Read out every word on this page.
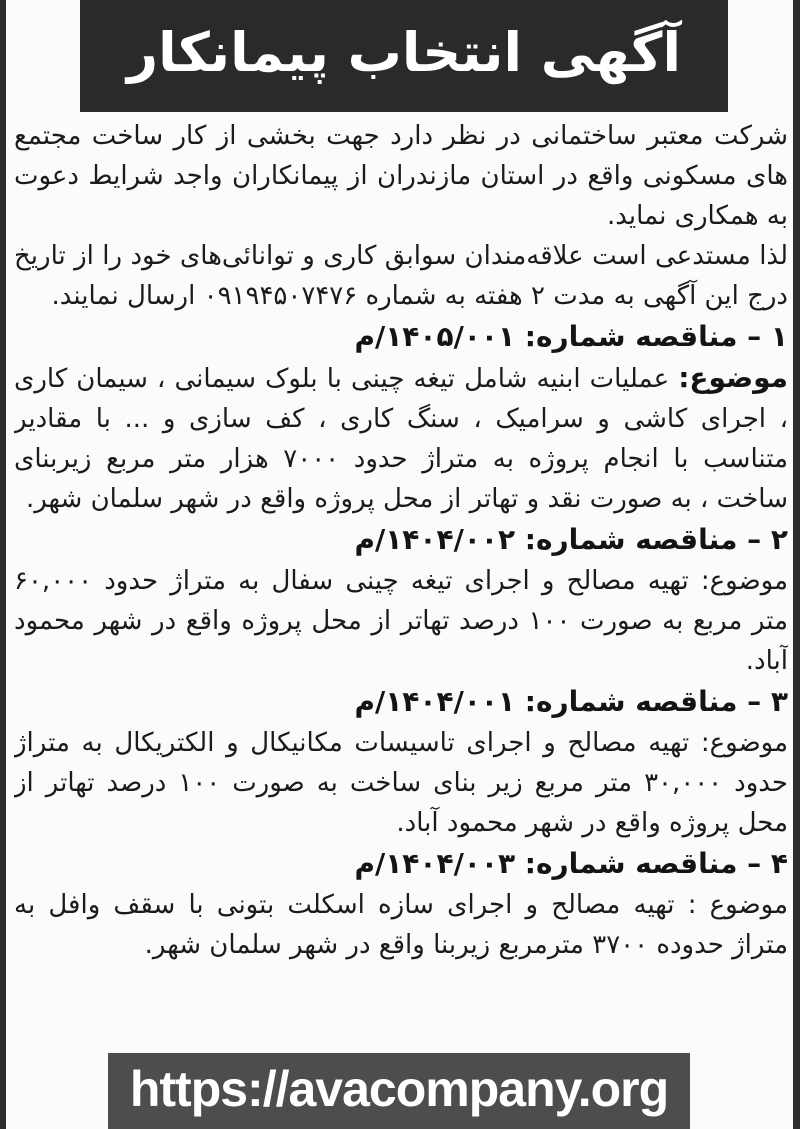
آگهی انتخاب پیمانکار

شرکت معتبر ساختمانی در نظر دارد جهت بخشی از کار ساخت مجتمع های مسکونی واقع در استان مازندران از پیمانکاران واجد شرایط دعوت به همکاری نماید.

لذا مستدعی است علاقه‌مندان سوابق کاری و توانائی‌های خود را از تاریخ درج این آگهی به مدت ۲ هفته به شماره ۰۹۱۹۴۵۰۷۴۷۶ ارسال نمایند.

۱ – مناقصه شماره: ۱۴۰۵/۰۰۱/م

موضوع: عملیات ابنیه شامل تیغه چینی با بلوک سیمانی ، سیمان کاری ، اجرای کاشی و سرامیک ، سنگ کاری ، کف سازی و ... با مقادیر متناسب با انجام پروژه به متراژ حدود ۷۰۰۰ هزار متر مربع زیربنای ساخت ، به صورت نقد و تهاتر از محل پروژه واقع در شهر سلمان شهر.

۲ – مناقصه شماره: ۱۴۰۴/۰۰۲/م

موضوع: تهیه مصالح و اجرای تیغه چینی سفال به متراژ حدود ۶۰,۰۰۰ متر مربع به صورت ۱۰۰ درصد تهاتر از محل پروژه واقع در شهر محمود آباد.

۳ – مناقصه شماره: ۱۴۰۴/۰۰۱/م

موضوع: تهیه مصالح و اجرای تاسیسات مکانیکال و الکتریکال به متراژ حدود ۳۰,۰۰۰ متر مربع زیر بنای ساخت به صورت ۱۰۰ درصد تهاتر از محل پروژه واقع در شهر محمود آباد.

۴ – مناقصه شماره: ۱۴۰۴/۰۰۳/م

موضوع : تهیه مصالح و اجرای سازه اسکلت بتونی با سقف وافل به متراژ حدوده ۳۷۰۰ مترمربع زیربنا واقع در شهر سلمان شهر.

https://avacompany.org
